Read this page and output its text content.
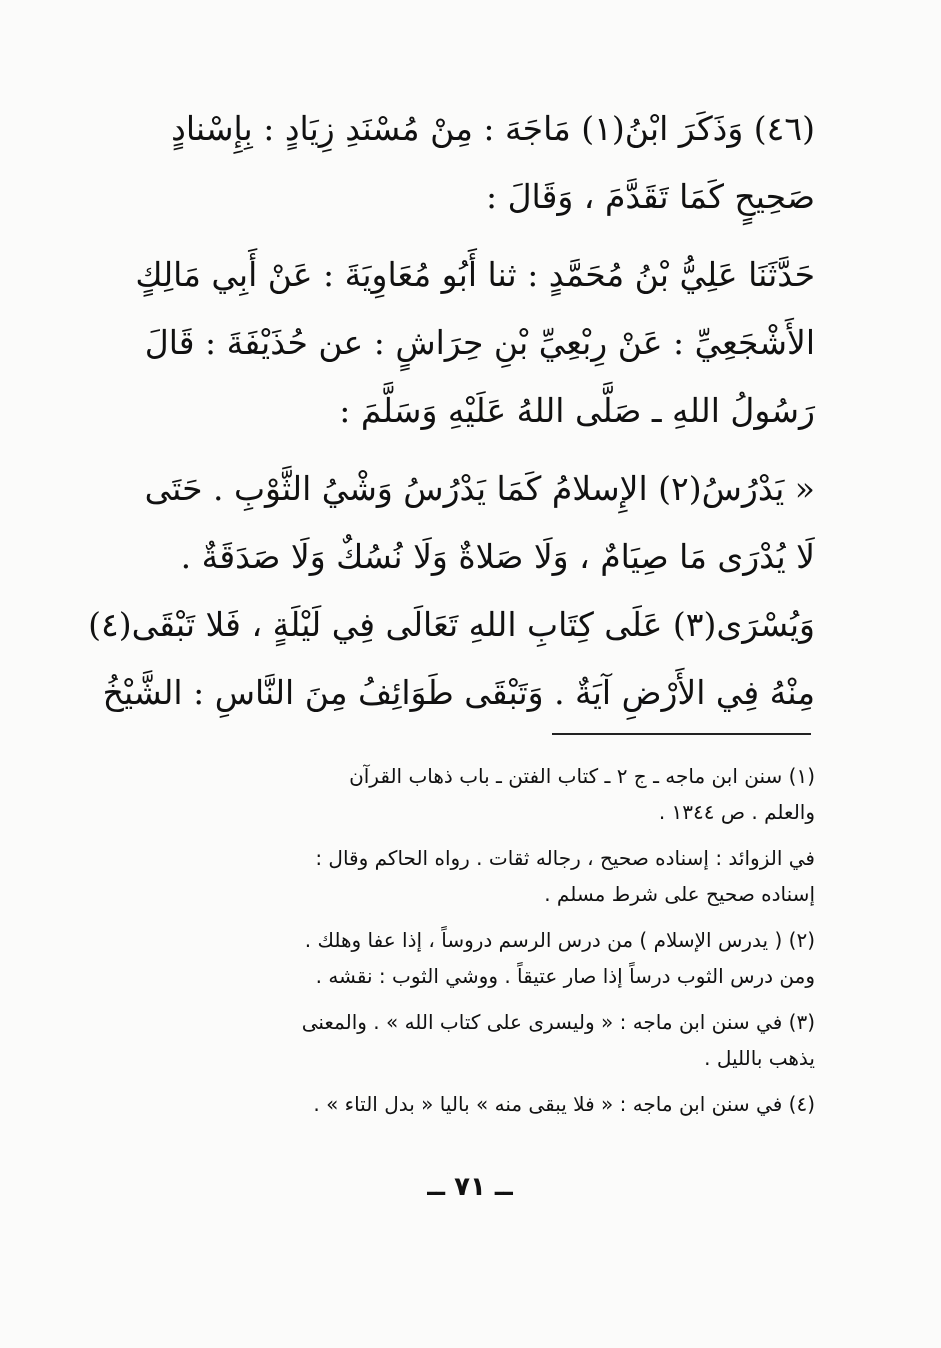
(٤٦) وَذَكَرَ ابْنُ(١) مَاجَهَ : مِنْ مُسْنَدِ زِيَادٍ : بِإِسْنادٍ
صَحِيحٍ كَمَا تَقَدَّمَ ، وَقَالَ :
حَدَّثَنَا عَلِيُّ بْنُ مُحَمَّدٍ : ثنا أَبُو مُعَاوِيَةَ : عَنْ أَبِي مَالِكٍ
الأَشْجَعِيِّ : عَنْ رِبْعِيِّ بْنِ حِرَاشٍ : عن حُذَيْفَةَ : قَالَ
رَسُولُ اللهِ ـ صَلَّى اللهُ عَلَيْهِ وَسَلَّمَ :
« يَدْرُسُ(٢) الإِسلامُ كَمَا يَدْرُسُ وَشْيُ الثَّوْبِ . حَتَى
لَا يُدْرَى مَا صِيَامٌ ، وَلَا صَلاةٌ وَلَا نُسُكٌ وَلَا صَدَقَةٌ .
وَيُسْرَى(٣) عَلَى كِتَابِ اللهِ تَعَالَى فِي لَيْلَةٍ ، فَلا تَبْقَى(٤)
مِنْهُ فِي الأَرْضِ آيَةٌ . وَتَبْقَى طَوَائِفُ مِنَ النَّاسِ : الشَّيْخُ
(١) سنن ابن ماجه ـ ج ٢ ـ كتاب الفتن ـ باب ذهاب القرآن
والعلم . ص ١٣٤٤ .
في الزوائد : إسناده صحيح ، رجاله ثقات . رواه الحاكم وقال :
إسناده صحيح على شرط مسلم .
(٢) ( يدرس الإسلام ) من درس الرسم دروساً ، إذا عفا وهلك .
ومن درس الثوب درساً إذا صار عتيقاً . ووشي الثوب : نقشه .
(٣) في سنن ابن ماجه : « وليسرى على كتاب الله » . والمعنى
يذهب بالليل .
(٤) في سنن ابن ماجه : « فلا يبقى منه » باليا « بدل التاء » .
ــ ٧١ ــ
